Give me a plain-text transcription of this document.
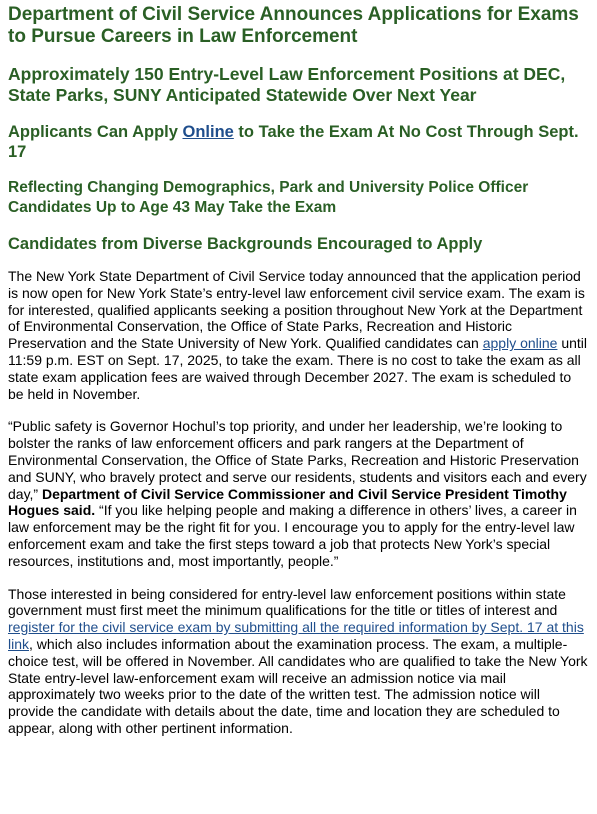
Department of Civil Service Announces Applications for Exams to Pursue Careers in Law Enforcement
Approximately 150 Entry-Level Law Enforcement Positions at DEC, State Parks, SUNY Anticipated Statewide Over Next Year
Applicants Can Apply Online to Take the Exam At No Cost Through Sept. 17
Reflecting Changing Demographics, Park and University Police Officer Candidates Up to Age 43 May Take the Exam
Candidates from Diverse Backgrounds Encouraged to Apply

The New York State Department of Civil Service today announced that the application period is now open for New York State’s entry-level law enforcement civil service exam. The exam is for interested, qualified applicants seeking a position throughout New York at the Department of Environmental Conservation, the Office of State Parks, Recreation and Historic Preservation and the State University of New York. Qualified candidates can apply online until 11:59 p.m. EST on Sept. 17, 2025, to take the exam. There is no cost to take the exam as all state exam application fees are waived through December 2027. The exam is scheduled to be held in November.

“Public safety is Governor Hochul’s top priority, and under her leadership, we’re looking to bolster the ranks of law enforcement officers and park rangers at the Department of Environmental Conservation, the Office of State Parks, Recreation and Historic Preservation and SUNY, who bravely protect and serve our residents, students and visitors each and every day,” Department of Civil Service Commissioner and Civil Service President Timothy Hogues said. “If you like helping people and making a difference in others’ lives, a career in law enforcement may be the right fit for you. I encourage you to apply for the entry-level law enforcement exam and take the first steps toward a job that protects New York’s special resources, institutions and, most importantly, people.”

Those interested in being considered for entry-level law enforcement positions within state government must first meet the minimum qualifications for the title or titles of interest and register for the civil service exam by submitting all the required information by Sept. 17 at this link, which also includes information about the examination process. The exam, a multiple-choice test, will be offered in November. All candidates who are qualified to take the New York State entry-level law-enforcement exam will receive an admission notice via mail approximately two weeks prior to the date of the written test. The admission notice will provide the candidate with details about the date, time and location they are scheduled to appear, along with other pertinent information.
